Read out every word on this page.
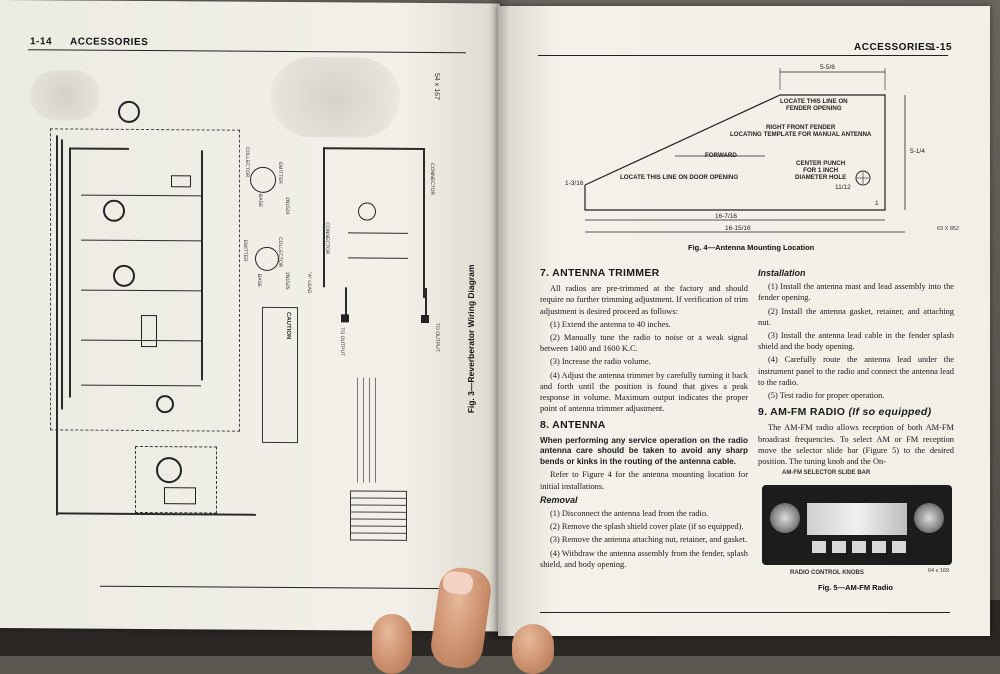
1-14 ACCESSORIES
COLLECTOR	EMITTER
BASE	2N1524
EMITTER	COLLECTOR
BASE	2N1525
CAUTION
TO OUTPUT	TO OUTPUT
CONNECTOR
"A" LEAD
CONNECTOR
Fig. 3—Reverberator Wiring Diagram
54 x 167
ACCESSORIES
1-15
5-5/8
LOCATE THIS LINE ON
FENDER OPENING
RIGHT FRONT FENDER
LOCATING TEMPLATE FOR MANUAL ANTENNA
FORWARD
CENTER PUNCH
FOR 1 INCH
DIAMETER HOLE
LOCATE THIS LINE ON DOOR OPENING
1-3/16
5-1/4
11/12
1
16-7/16
16-15/16	63 X 852
Fig. 4—Antenna Mounting Location
7. ANTENNA TRIMMER

All radios are pre-trimmed at the factory and should require no further trimming adjustment. If verification of trim adjustment is desired proceed as follows:

(1) Extend the antenna to 40 inches.

(2) Manually tune the radio to noise or a weak signal between 1400 and 1600 K.C.

(3) Increase the radio volume.

(4) Adjust the antenna trimmer by carefully turning it back and forth until the position is found that gives a peak response in volume. Maximum output indicates the proper point of antenna trimmer adjustment.

8. ANTENNA

When performing any service operation on the radio antenna care should be taken to avoid any sharp bends or kinks in the routing of the antenna cable.

Refer to Figure 4 for the antenna mounting location for initial installations.

Removal

(1) Disconnect the antenna lead from the radio.

(2) Remove the splash shield cover plate (if so equipped).

(3) Remove the antenna attaching nut, retainer, and gasket.

(4) Withdraw the antenna assembly from the fender, splash shield, and body opening.

Installation

(1) Install the antenna mast and lead assembly into the fender opening.

(2) Install the antenna gasket, retainer, and attaching nut.

(3) Install the antenna lead cable in the fender splash shield and the body opening.

(4) Carefully route the antenna lead under the instrument panel to the radio and connect the antenna lead to the radio.

(5) Test radio for proper operation.

9. AM-FM RADIO (If so equipped)

The AM-FM radio allows reception of both AM-FM broadcast frequencies. To select AM or FM reception move the selector slide bar (Figure 5) to the desired position. The tuning knob and the On-

AM-FM SELECTOR SLIDE BAR
RADIO CONTROL KNOBS	64 x 169
Fig. 5—AM-FM Radio
